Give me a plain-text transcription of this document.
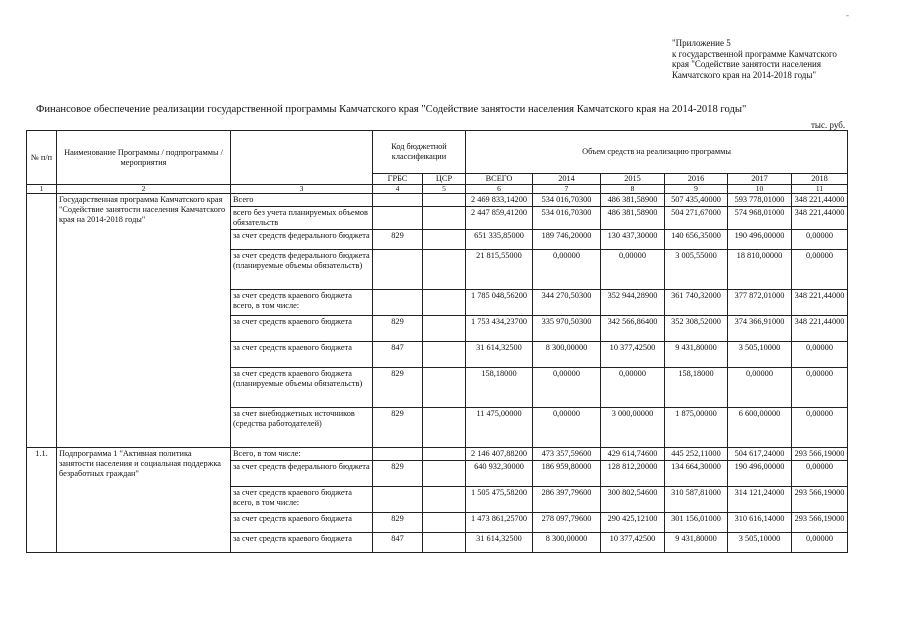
-
"Приложение 5
к государственной программе Камчатского
края "Содействие занятости населения
Камчатского края на 2014-2018 годы"
Финансовое обеспечение реализации государственной программы Камчатского края "Содействие занятости населения Камчатского края на 2014-2018 годы"
тыс. руб.
№ п/п	Наименование Программы / подпрограммы / мероприятия		Код бюджетной классификации		Объем средств на реализацию программы					
			ГРБС	ЦСР	ВСЕГО	2014	2015	2016	2017	2018
1	2	3	4	5	6	7	8	9	10	11
	Государственная программа Камчатского края "Содействие занятости населения Камчатского края на 2014-2018 годы"	Всего			2 469 833,14200	534 016,70300	486 381,58900	507 435,40000	593 778,01000	348 221,44000
		всего без учета планируемых объемов обязательств			2 447 859,41200	534 016,70300	486 381,58900	504 271,67000	574 968,01000	348 221,44000
		за счет средств федерального бюджета	829		651 335,85000	189 746,20000	130 437,30000	140 656,35000	190 496,00000	0,00000
		за счет средств федерального бюджета (планируемые объемы обязательств)			21 815,55000	0,00000	0,00000	3 005,55000	18 810,00000	0,00000
		за счет средств краевого бюджета всего, в том числе:			1 785 048,56200	344 270,50300	352 944,28900	361 740,32000	377 872,01000	348 221,44000
		за счет средств краевого бюджета	829		1 753 434,23700	335 970,50300	342 566,86400	352 308,52000	374 366,91000	348 221,44000
		за счет средств краевого бюджета	847		31 614,32500	8 300,00000	10 377,42500	9 431,80000	3 505,10000	0,00000
		за счет средств краевого бюджета (планируемые объемы обязательств)	829		158,18000	0,00000	0,00000	158,18000	0,00000	0,00000
		за счет внебюджетных источников (средства работодателей)	829		11 475,00000	0,00000	3 000,00000	1 875,00000	6 600,00000	0,00000
1.1.	Подпрограмма 1 "Активная политика занятости населения и социальная поддержка безработных граждан"	Всего, в том числе:			2 146 407,88200	473 357,59600	429 614,74600	445 252,11000	504 617,24000	293 566,19000
		за счет средств федерального бюджета	829		640 932,30000	186 959,80000	128 812,20000	134 664,30000	190 496,00000	0,00000
		за счет средств краевого бюджета всего, в том числе:			1 505 475,58200	286 397,79600	300 802,54600	310 587,81000	314 121,24000	293 566,19000
		за счет средств краевого бюджета	829		1 473 861,25700	278 097,79600	290 425,12100	301 156,01000	310 616,14000	293 566,19000
		за счет средств краевого бюджета	847		31 614,32500	8 300,00000	10 377,42500	9 431,80000	3 505,10000	0,00000
